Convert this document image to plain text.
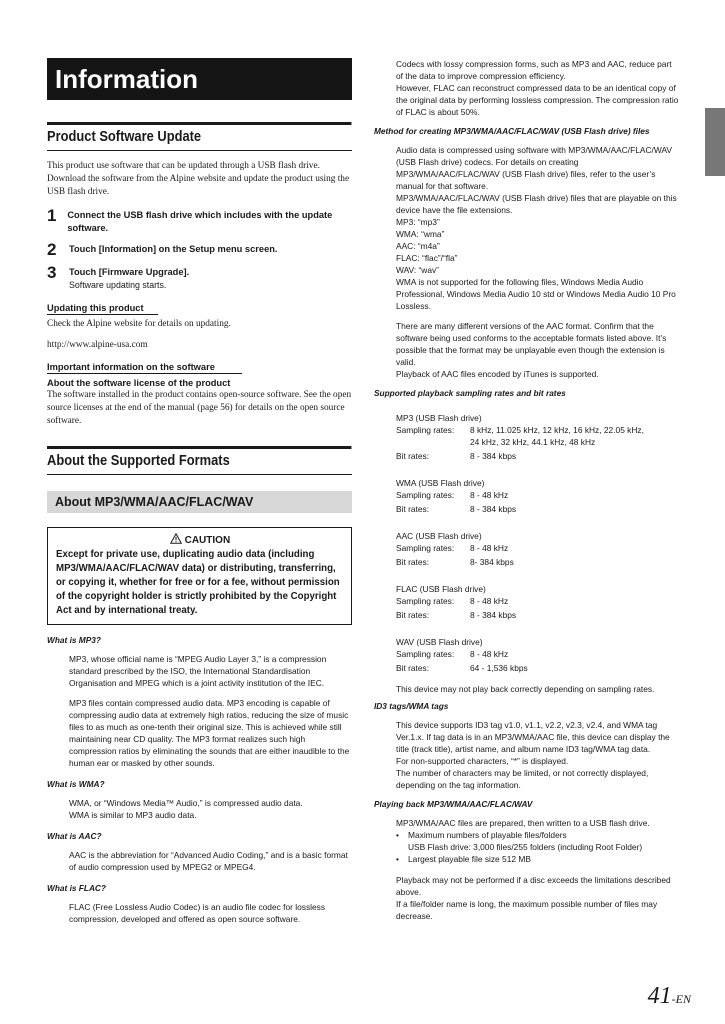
Information
Product Software Update

This product use software that can be updated through a USB flash drive. Download the software from the Alpine website and update the product using the USB flash drive.

1	Connect the USB flash drive which includes with the update software.
2	Touch [Information] on the Setup menu screen.
3	Touch [Firmware Upgrade].
Software updating starts.
Updating this product

Check the Alpine website for details on updating.

http://www.alpine-usa.com

Important information on the software
About the software license of the product

The software installed in the product contains open-source software. See the open source licenses at the end of the manual (page 56) for details on the open source software.

About the Supported Formats
About MP3/WMA/AAC/FLAC/WAV
CAUTION
Except for private use, duplicating audio data (including MP3/WMA/AAC/FLAC/WAV data) or distributing, transferring, or copying it, whether for free or for a fee, without permission of the copyright holder is strictly prohibited by the Copyright Act and by international treaty.
What is MP3?

MP3, whose official name is “MPEG Audio Layer 3,” is a compression standard prescribed by the ISO, the International Standardisation Organisation and MPEG which is a joint activity institution of the IEC.

MP3 files contain compressed audio data. MP3 encoding is capable of compressing audio data at extremely high ratios, reducing the size of music files to as much as one-tenth their original size. This is achieved while still maintaining near CD quality. The MP3 format realizes such high compression ratios by eliminating the sounds that are either inaudible to the human ear or masked by other sounds.

What is WMA?

WMA, or “Windows Media™ Audio,” is compressed audio data.

WMA is similar to MP3 audio data.

What is AAC?

AAC is the abbreviation for “Advanced Audio Coding,” and is a basic format of audio compression used by MPEG2 or MPEG4.

What is FLAC?

FLAC (Free Lossless Audio Codec) is an audio file codec for lossless compression, developed and offered as open source software.

Codecs with lossy compression forms, such as MP3 and AAC, reduce part of the data to improve compression efficiency.

However, FLAC can reconstruct compressed data to be an identical copy of the original data by performing lossless compression. The compression ratio of FLAC is about 50%.

Method for creating MP3/WMA/AAC/FLAC/WAV (USB Flash drive) files

Audio data is compressed using software with MP3/WMA/AAC/FLAC/WAV (USB Flash drive) codecs. For details on creating MP3/WMA/AAC/FLAC/WAV (USB Flash drive) files, refer to the user’s manual for that software.

MP3/WMA/AAC/FLAC/WAV (USB Flash drive) files that are playable on this device have the file extensions.

MP3: “mp3”

WMA: “wma”

AAC: “m4a”

FLAC: “flac”/“fla”

WAV: “wav”

WMA is not supported for the following files, Windows Media Audio Professional, Windows Media Audio 10 std or Windows Media Audio 10 Pro Lossless.

There are many different versions of the AAC format. Confirm that the software being used conforms to the acceptable formats listed above. It’s possible that the format may be unplayable even though the extension is valid.

Playback of AAC files encoded by iTunes is supported.

Supported playback sampling rates and bit rates

MP3 (USB Flash drive)

Sampling rates:	8 kHz, 11.025 kHz, 12 kHz, 16 kHz, 22.05 kHz,
24 kHz, 32 kHz, 44.1 kHz, 48 kHz
Bit rates:	8 - 384 kbps

WMA (USB Flash drive)

Sampling rates:	8 - 48 kHz
Bit rates:	8 - 384 kbps

AAC (USB Flash drive)

Sampling rates:	8 - 48 kHz
Bit rates:	8- 384 kbps

FLAC (USB Flash drive)

Sampling rates:	8 - 48 kHz
Bit rates:	8 - 384 kbps

WAV (USB Flash drive)

Sampling rates:	8 - 48 kHz
Bit rates:	64 - 1,536 kbps

This device may not play back correctly depending on sampling rates.

ID3 tags/WMA tags

This device supports ID3 tag v1.0, v1.1, v2.2, v2.3, v2.4, and WMA tag Ver.1.x. If tag data is in an MP3/WMA/AAC file, this device can display the title (track title), artist name, and album name ID3 tag/WMA tag data.

For non-supported characters, “*” is displayed.

The number of characters may be limited, or not correctly displayed, depending on the tag information.

Playing back MP3/WMA/AAC/FLAC/WAV

MP3/WMA/AAC files are prepared, then written to a USB flash drive.

•	Maximum numbers of playable files/folders
USB Flash drive: 3,000 files/255 folders (including Root Folder)
•	Largest playable file size 512 MB

Playback may not be performed if a disc exceeds the limitations described above.

If a file/folder name is long, the maximum possible number of files may decrease.

41-EN
